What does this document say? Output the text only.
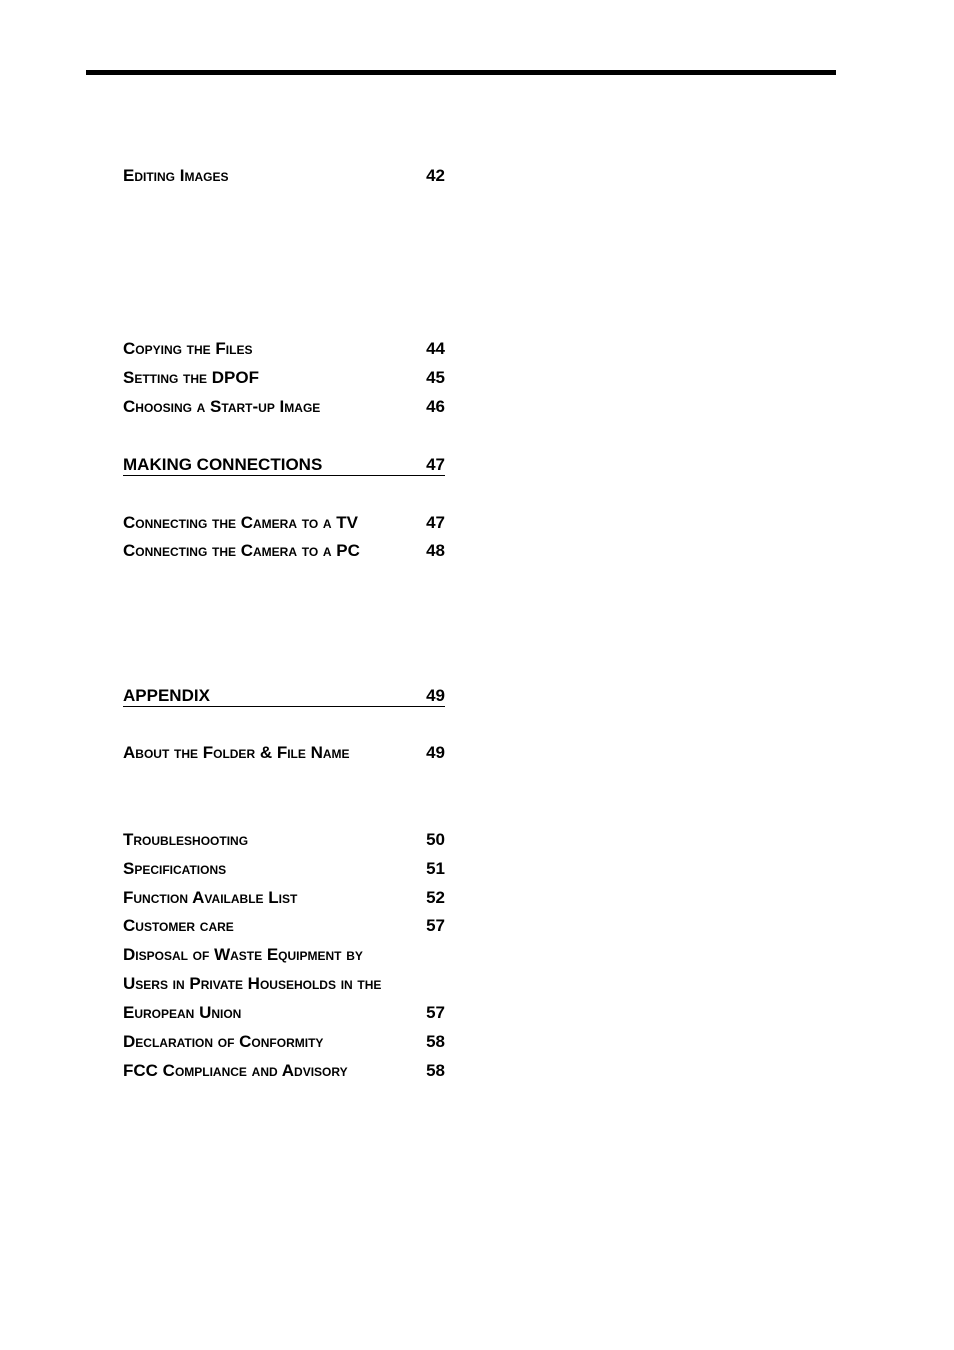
Editing Images	42
Copying the Files	44
Setting the DPOF	45
Choosing a Start-up Image	46
MAKING CONNECTIONS	47
Connecting the Camera to a TV	47
Connecting the Camera to a PC	48
APPENDIX	49
About the Folder & File Name	49
Troubleshooting	50
Specifications	51
Function Available List	52
Customer care	57
Disposal of Waste Equipment by
Users in Private Households in the
European Union	57
Declaration of Conformity	58
FCC Compliance and Advisory	58
